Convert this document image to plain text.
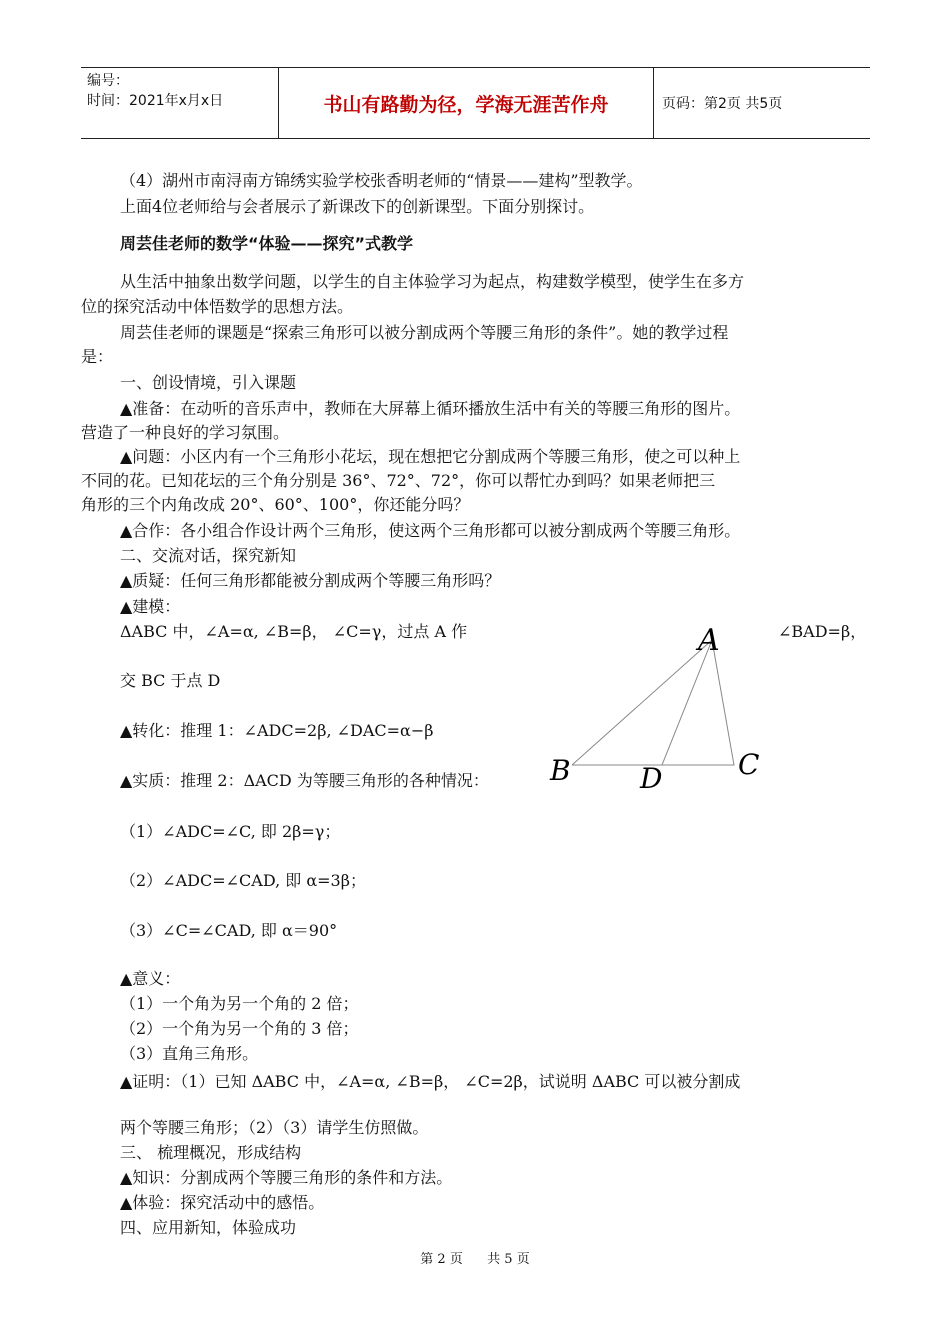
编号：
时间：2021年x月x日	书山有路勤为径，学海无涯苦作舟	页码：第2页 共5页
（4）湖州市南浔南方锦绣实验学校张香明老师的“情景——建构”型教学。
上面4位老师给与会者展示了新课改下的创新课型。下面分别探讨。
周芸佳老师的数学“体验——探究”式教学
从生活中抽象出数学问题，以学生的自主体验学习为起点，构建数学模型，使学生在多方
位的探究活动中体悟数学的思想方法。
周芸佳老师的课题是“探索三角形可以被分割成两个等腰三角形的条件”。她的教学过程
是：
一、创设情境，引入课题
▲准备：在动听的音乐声中，教师在大屏幕上循环播放生活中有关的等腰三角形的图片。
营造了一种良好的学习氛围。
▲问题：小区内有一个三角形小花坛，现在想把它分割成两个等腰三角形，使之可以种上
不同的花。已知花坛的三个角分别是 36°、72°、72°，你可以帮忙办到吗？如果老师把三
角形的三个内角改成 20°、60°、100°，你还能分吗？
▲合作：各小组合作设计两个三角形，使这两个三角形都可以被分割成两个等腰三角形。
二、交流对话，探究新知
▲质疑：任何三角形都能被分割成两个等腰三角形吗？
▲建模：
ΔABC 中，∠A=α, ∠B=β， ∠C=γ，过点 A 作	∠BAD=β，
交 BC 于点 D
▲转化：推理 1：∠ADC=2β, ∠DAC=α−β
▲实质：推理 2：ΔACD 为等腰三角形的各种情况：
（1）∠ADC=∠C, 即 2β=γ；
（2）∠ADC=∠CAD, 即 α=3β；
（3）∠C=∠CAD, 即 α＝90°
▲意义：
（1）一个角为另一个角的 2 倍；
（2）一个角为另一个角的 3 倍；
（3）直角三角形。
▲证明：（1）已知 ΔABC 中，∠A=α, ∠B=β， ∠C=2β，试说明 ΔABC 可以被分割成
两个等腰三角形；（2）（3）请学生仿照做。
三、 梳理概况，形成结构
▲知识：分割成两个等腰三角形的条件和方法。
▲体验：探究活动中的感悟。
四、应用新知，体验成功
A
B	C
D
第 2 页 共 5 页
